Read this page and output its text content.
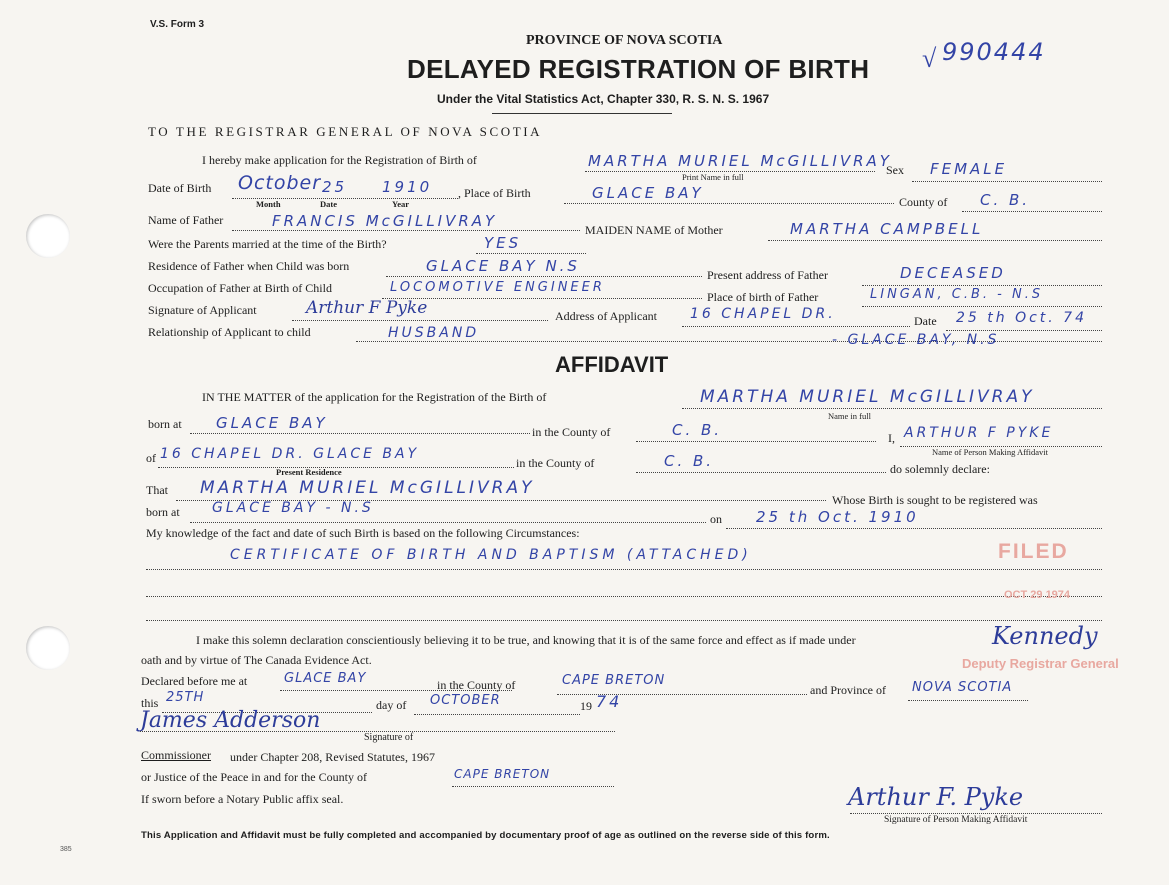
V.S. Form 3
PROVINCE OF NOVA SCOTIA
DELAYED REGISTRATION OF BIRTH
Under the Vital Statistics Act, Chapter 330, R. S. N. S. 1967
990444
√
TO THE REGISTRAR GENERAL OF NOVA SCOTIA
I hereby make application for the Registration of Birth of	MARTHA MURIEL McGILLIVRAY
Print Name in full	Sex FEMALE
Date of Birth October 25 1910
Month	Date	Year
, Place of Birth	GLACE BAY	County of C. B.
Name of Father	FRANCIS McGILLIVRAY	MAIDEN NAME of Mother	MARTHA CAMPBELL
Were the Parents married at the time of the Birth?	YES
Residence of Father when Child was born	GLACE BAY N.S	Present address of Father	DECEASED
Occupation of Father at Birth of Child	LOCOMOTIVE ENGINEER
Place of birth of Father	LINGAN, C.B. - N.S
Signature of Applicant	Arthur F Pyke	Address of Applicant 16 CHAPEL DR.	Date 25 th Oct. 74
Relationship of Applicant to child	HUSBAND	- GLACE BAY, N.S
AFFIDAVIT
IN THE MATTER of the application for the Registration of the Birth of	MARTHA MURIEL McGILLIVRAY
Name in full
born at GLACE BAY	in the County of	C. B.	I, ARTHUR F PYKE
Name of Person Making Affidavit
of 16 CHAPEL DR. GLACE BAY
Present Residence
in the County of	C. B.	do solemnly declare:
That MARTHA MURIEL McGILLIVRAY
Whose Birth is sought to be registered was
born at GLACE BAY - N.S
on 25 th Oct. 1910
My knowledge of the fact and date of such Birth is based on the following Circumstances:
CERTIFICATE OF BIRTH AND BAPTISM (ATTACHED)	FILED
OCT 29 1974
Kennedy
Deputy Registrar General
I make this solemn declaration conscientiously believing it to be true, and knowing that it is of the same force and effect as if made under
oath and by virtue of The Canada Evidence Act.
Declared before me at	GLACE BAY	in the County of	CAPE BRETON
and Province of NOVA SCOTIA
this 25TH	day of OCTOBER	19 74
James Adderson
Signature of
Commissioner under Chapter 208, Revised Statutes, 1967
or Justice of the Peace in and for the County of	CAPE BRETON
If sworn before a Notary Public affix seal.	Arthur F. Pyke
Signature of Person Making Affidavit
This Application and Affidavit must be fully completed and accompanied by documentary proof of age as outlined on the reverse side of this form.
385
